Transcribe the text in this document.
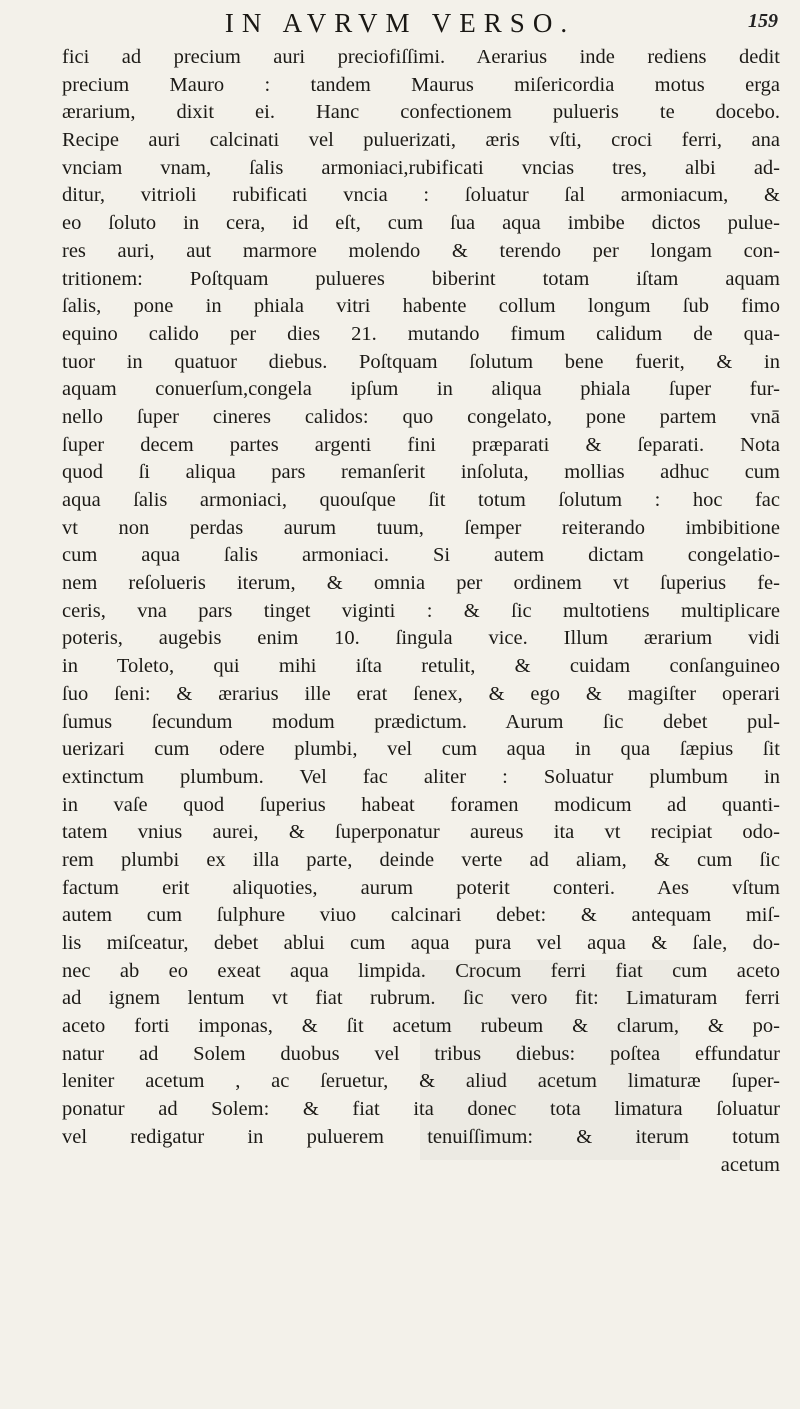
IN AVRVM VERSO.	159
fici ad precium auri preciofiſſimi. Aerarius inde rediens dedit
precium Mauro : tandem Maurus miſericordia motus erga
ærarium, dixit ei. Hanc confectionem pulueris te docebo.
Recipe auri calcinati vel puluerizati, æris vſti, croci ferri, ana
vnciam vnam, ſalis armoniaci,rubificati vncias tres, albi ad-
ditur, vitrioli rubificati vncia : ſoluatur ſal armoniacum, &
eo ſoluto in cera, id eſt, cum ſua aqua imbibe dictos pulue-
res auri, aut marmore molendo & terendo per longam con-
tritionem: Poſtquam puluеres biberint totam iſtam aquam
ſalis, pone in phiala vitri habente collum longum ſub fimo
equino calido per dies 21. mutando fimum calidum de qua-
tuor in quatuor diebus. Poſtquam ſolutum bene fuerit, & in
aquam conuerſum,congela ipſum in aliqua phiala ſuper fur-
nello ſuper cineres calidos: quo congelato, pone partem vnā
ſuper decem partes argenti fini præparati & ſeparati. Nota
quod ſi aliqua pars remanſerit inſoluta, mollias adhuc cum
aqua ſalis armoniaci, quouſque ſit totum ſolutum : hoc fac
vt non perdas aurum tuum, ſemper reiterando imbibitione
cum aqua ſalis armoniaci. Si autem dictam congelatio-
nem reſolueris iterum, & omnia per ordinem vt ſuperius fe-
ceris, vna pars tinget viginti : & ſic multotiens multiplicare
poteris, augebis enim 10. ſingula vice. Illum ærarium vidi
in Toleto, qui mihi iſta retulit, & cuidam conſanguineo
ſuo ſeni: & ærarius ille erat ſenex, & ego & magiſter operari
ſumus ſecundum modum prædictum. Aurum ſic debet pul-
uerizari cum odere plumbi, vel cum aqua in qua ſæpius ſit
extinctum plumbum. Vel fac aliter : Soluatur plumbum in
in vaſe quod ſuperius habeat foramen modicum ad quanti-
tatem vnius aurei, & ſuperponatur aureus ita vt recipiat odo-
rem plumbi ex illa parte, deinde verte ad aliam, & cum ſic
factum erit aliquoties, aurum poterit conteri. Aes vſtum
autem cum ſulphure viuo calcinari debet: & antequam miſ-
lis miſceatur, debet ablui cum aqua pura vel aqua & ſale, do-
nec ab eo exeat aqua limpida. Crocum ferri fiat cum aceto
ad ignem lentum vt fiat rubrum. ſic vero fit: Limaturam ferri
aceto forti imponas, & ſit acetum rubeum & clarum, & po-
natur ad Solem duobus vel tribus diebus: poſtea effundatur
leniter acetum , ac ſeruetur, & aliud acetum limaturæ ſuper-
ponatur ad Solem: & fiat ita donec tota limatura ſoluatur
vel redigatur in puluerem tenuiſſimum: & iterum totum
acetum
